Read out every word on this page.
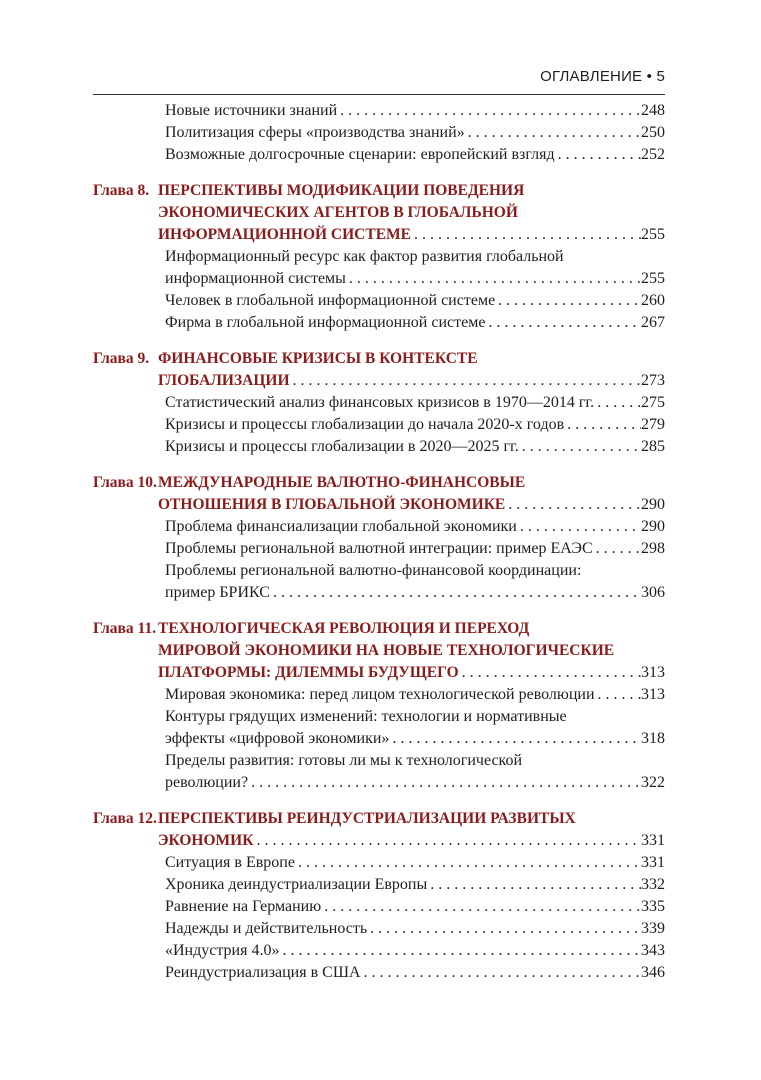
ОГЛАВЛЕНИЕ • 5
Новые источники знаний . . .	248
Политизация сферы «производства знаний» . . .	250
Возможные долгосрочные сценарии: европейский взгляд . . .	252
Глава 8. ПЕРСПЕКТИВЫ МОДИФИКАЦИИ ПОВЕДЕНИЯ
ЭКОНОМИЧЕСКИХ АГЕНТОВ В ГЛОБАЛЬНОЙ
ИНФОРМАЦИОННОЙ СИСТЕМЕ . . .	255
Информационный ресурс как фактор развития глобальной
информационной системы . . .	255
Человек в глобальной информационной системе . . .	260
Фирма в глобальной информационной системе . . .	267
Глава 9. ФИНАНСОВЫЕ КРИЗИСЫ В КОНТЕКСТЕ
ГЛОБАЛИЗАЦИИ . . .	273
Статистический анализ финансовых кризисов в 1970—2014 гг. . . .	275
Кризисы и процессы глобализации до начала 2020-х годов . . .	279
Кризисы и процессы глобализации в 2020—2025 гг. . . .	285
Глава 10. МЕЖДУНАРОДНЫЕ ВАЛЮТНО-ФИНАНСОВЫЕ
ОТНОШЕНИЯ В ГЛОБАЛЬНОЙ ЭКОНОМИКЕ . . .	290
Проблема финансиализации глобальной экономики . . .	290
Проблемы региональной валютной интеграции: пример ЕАЭС . . .	298
Проблемы региональной валютно-финансовой координации:
пример БРИКС . . .	306
Глава 11. ТЕХНОЛОГИЧЕСКАЯ РЕВОЛЮЦИЯ И ПЕРЕХОД
МИРОВОЙ ЭКОНОМИКИ НА НОВЫЕ ТЕХНОЛОГИЧЕСКИЕ
ПЛАТФОРМЫ: ДИЛЕММЫ БУДУЩЕГО . . .	313
Мировая экономика: перед лицом технологической революции . . .	313
Контуры грядущих изменений: технологии и нормативные
эффекты «цифровой экономики» . . .	318
Пределы развития: готовы ли мы к технологической
революции? . . .	322
Глава 12. ПЕРСПЕКТИВЫ РЕИНДУСТРИАЛИЗАЦИИ РАЗВИТЫХ
ЭКОНОМИК . . .	331
Ситуация в Европе . . .	331
Хроника деиндустриализации Европы . . .	332
Равнение на Германию . . .	335
Надежды и действительность . . .	339
«Индустрия 4.0» . . .	343
Реиндустриализация в США . . .	346
